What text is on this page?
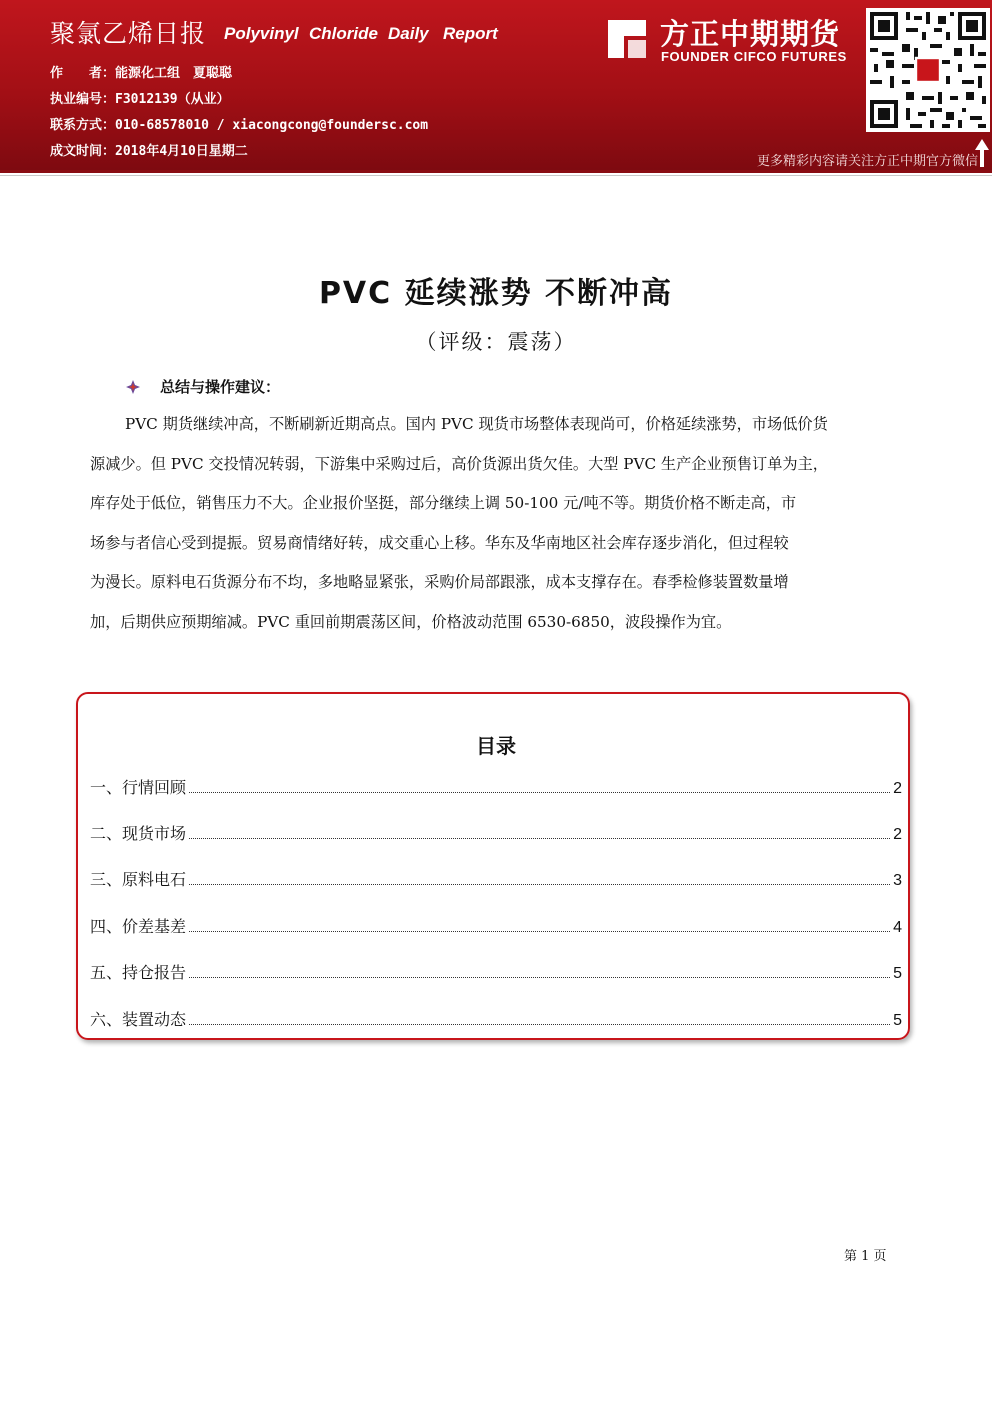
聚氯乙烯日报 Polyvinyl Chloride Daily Report
作　　者：能源化工组　夏聪聪
执业编号：F3012139（从业）
联系方式：010-68578010 / xiacongcong@foundersc.com
成文时间：2018年4月10日星期二
方正中期期货
FOUNDER CIFCO FUTURES
更多精彩内容请关注方正中期官方微信
PVC 延续涨势 不断冲高
（评级：震荡）
总结与操作建议：
PVC 期货继续冲高，不断刷新近期高点。国内 PVC 现货市场整体表现尚可，价格延续涨势，市场低价货
源减少。但 PVC 交投情况转弱，下游集中采购过后，高价货源出货欠佳。大型 PVC 生产企业预售订单为主，
库存处于低位，销售压力不大。企业报价坚挺，部分继续上调 50-100 元/吨不等。期货价格不断走高，市
场参与者信心受到提振。贸易商情绪好转，成交重心上移。华东及华南地区社会库存逐步消化，但过程较
为漫长。原料电石货源分布不均，多地略显紧张，采购价局部跟涨，成本支撑存在。春季检修装置数量增
加，后期供应预期缩减。PVC 重回前期震荡区间，价格波动范围 6530-6850，波段操作为宜。
目录
一、行情回顾	2
二、现货市场	2
三、原料电石	3
四、价差基差	4
五、持仓报告	5
六、装置动态	5
第 1 页
